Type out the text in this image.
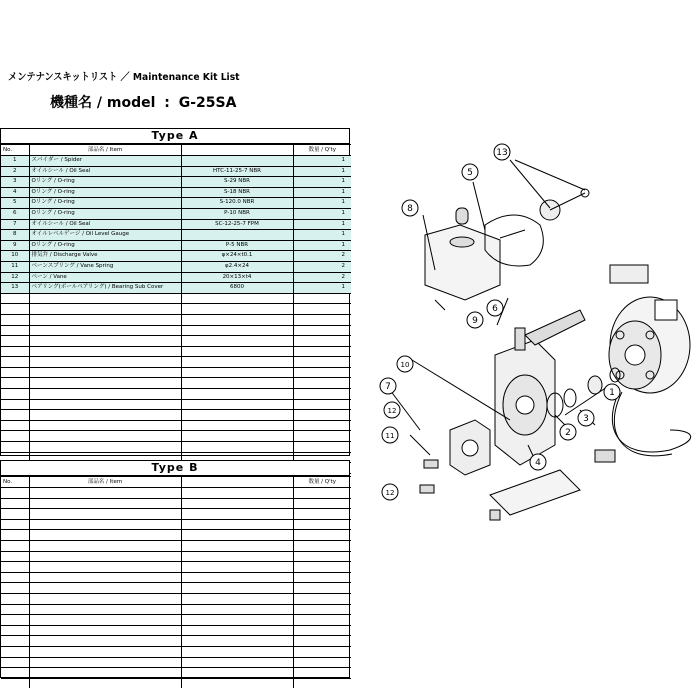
メンテナンスキットリスト ／ Maintenance Kit List
機種名 / model : G-25SA
Type A
No.	部品名 / Item		数量 / Q'ty
1	スパイダー / Spider		1
2	オイルシール / Oil Seal	HTC-11-25-7 NBR	1
3	Oリング / O-ring	S-29 NBR	1
4	Oリング / O-ring	S-18 NBR	1
5	Oリング / O-ring	S-120.0 NBR	1
6	Oリング / O-ring	P-10 NBR	1
7	オイルシール / Oil Seal	SC-12-25-7 FPM	1
8	オイルレベルゲージ / Oil Level Gauge		1
9	Oリング / O-ring	P-5 NBR	1
10	排気弁 / Discharge Valve	φ×24×t0.1	2
11	ベーンスプリング / Vane Spring	φ2.4×24	2
12	ベーン / Vane	20×13×t4	2
13	ベアリング(ボールベアリング) / Bearing Sub Cover	6800	1

Type B
No.	部品名 / Item		数量 / Q'ty

13
5
8
6
9
10
7
12
11
12
1
3
2
4
